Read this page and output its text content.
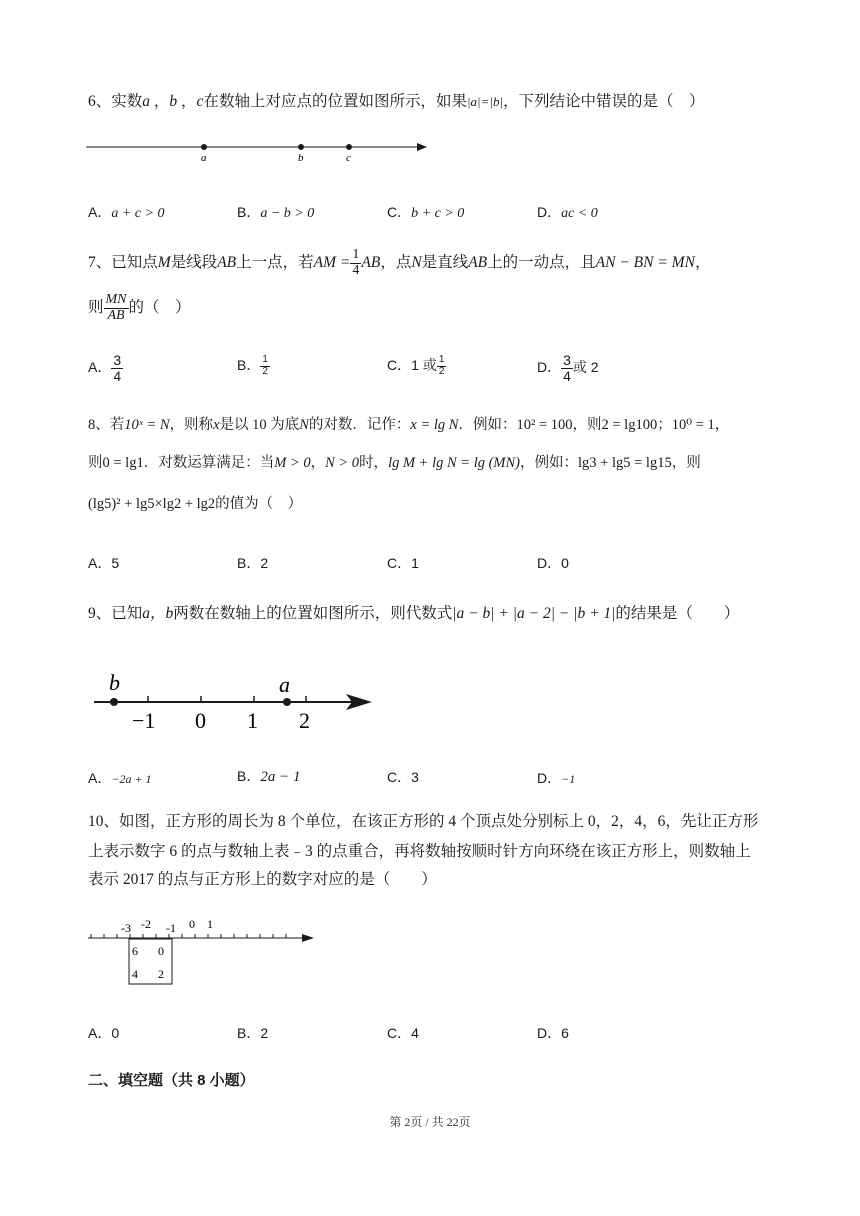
6、实数a ，b ，c在数轴上对应点的位置如图所示，如果|a|=|b|，下列结论中错误的是（　）
a	b	c
A．a + c > 0	B．a − b > 0	C．b + c > 0	D．ac < 0
7、已知点M是线段AB上一点，若AM = $\frac{1}{4}$ AB，点N是直线AB上的一动点，且AN − BN = MN，
则 $\frac{MN}{AB}$ 的（　）
A． $\frac{3}{4}$	B． $\frac{1}{2}$	C．1 或 $\frac{1}{2}$	D． $\frac{3}{4}$ 或 2
8、若10ˣ = N，则称x是以 10 为底N的对数．记作：x = lg N．例如：10² = 100，则2 = lg100；10⁰ = 1，
则0 = lg1．对数运算满足：当M > 0，N > 0时，lg M + lg N = lg (MN)，例如：lg3 + lg5 = lg15，则
(lg5)² + lg5×lg2 + lg2的值为（　）
A．5	B．2	C．1	D．0
9、已知a，b两数在数轴上的位置如图所示，则代数式|a − b| + |a − 2| − |b + 1|的结果是（　　）
b	a
−1 0 1 2
A．−2a + 1	B．2a − 1	C．3	D．−1
10、如图，正方形的周长为 8 个单位，在该正方形的 4 个顶点处分别标上 0，2，4，6，先让正方形
上表示数字 6 的点与数轴上表﹣3 的点重合，再将数轴按顺时针方向环绕在该正方形上，则数轴上
表示 2017 的点与正方形上的数字对应的是（　　）
-3 -2 -1 0 1
6 0
4 2
A．0	B．2	C．4	D．6
二、填空题（共 8 小题）
第 2页 / 共 22页
